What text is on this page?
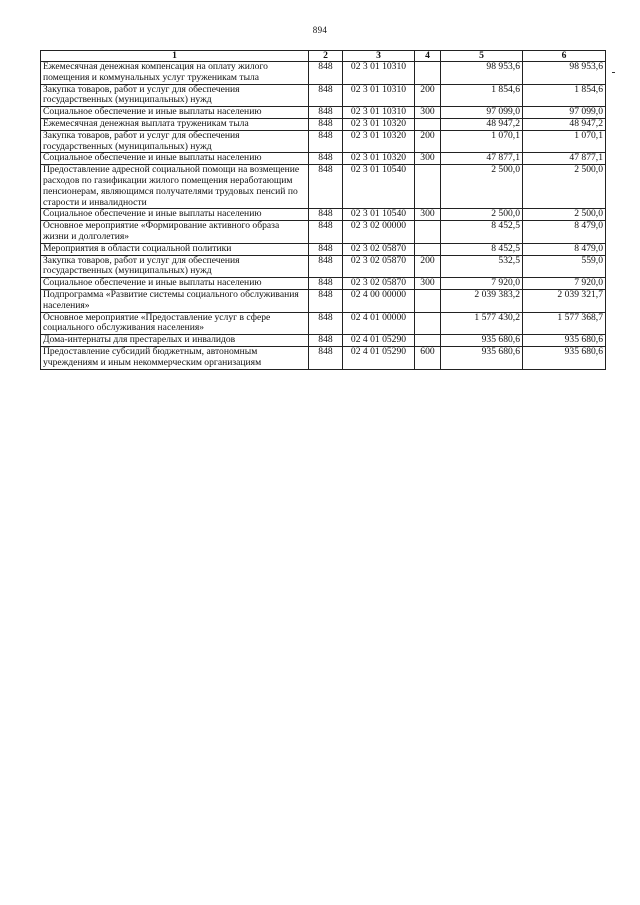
894
1	2	3	4	5	6
Ежемесячная денежная компенсация на оплату жилого помещения и коммунальных услуг труженикам тыла	848	02 3 01 10310		98 953,6	98 953,6
Закупка товаров, работ и услуг для обеспечения государственных (муниципальных) нужд	848	02 3 01 10310	200	1 854,6	1 854,6
Социальное обеспечение и иные выплаты населению	848	02 3 01 10310	300	97 099,0	97 099,0
Ежемесячная денежная выплата труженикам тыла	848	02 3 01 10320		48 947,2	48 947,2
Закупка товаров, работ и услуг для обеспечения государственных (муниципальных) нужд	848	02 3 01 10320	200	1 070,1	1 070,1
Социальное обеспечение и иные выплаты населению	848	02 3 01 10320	300	47 877,1	47 877,1
Предоставление адресной социальной помощи на возмещение расходов по газификации жилого помещения неработающим пенсионерам, являющимся получателями трудовых пенсий по старости и инвалидности	848	02 3 01 10540		2 500,0	2 500,0
Социальное обеспечение и иные выплаты населению	848	02 3 01 10540	300	2 500,0	2 500,0
Основное мероприятие «Формирование активного образа жизни и долголетия»	848	02 3 02 00000		8 452,5	8 479,0
Мероприятия в области социальной политики	848	02 3 02 05870		8 452,5	8 479,0
Закупка товаров, работ и услуг для обеспечения государственных (муниципальных) нужд	848	02 3 02 05870	200	532,5	559,0
Социальное обеспечение и иные выплаты населению	848	02 3 02 05870	300	7 920,0	7 920,0
Подпрограмма «Развитие системы социального обслуживания населения»	848	02 4 00 00000		2 039 383,2	2 039 321,7
Основное мероприятие «Предоставление услуг в сфере социального обслуживания населения»	848	02 4 01 00000		1 577 430,2	1 577 368,7
Дома-интернаты для престарелых и инвалидов	848	02 4 01 05290		935 680,6	935 680,6
Предоставление субсидий бюджетным, автономным учреждениям и иным некоммерческим организациям	848	02 4 01 05290	600	935 680,6	935 680,6
